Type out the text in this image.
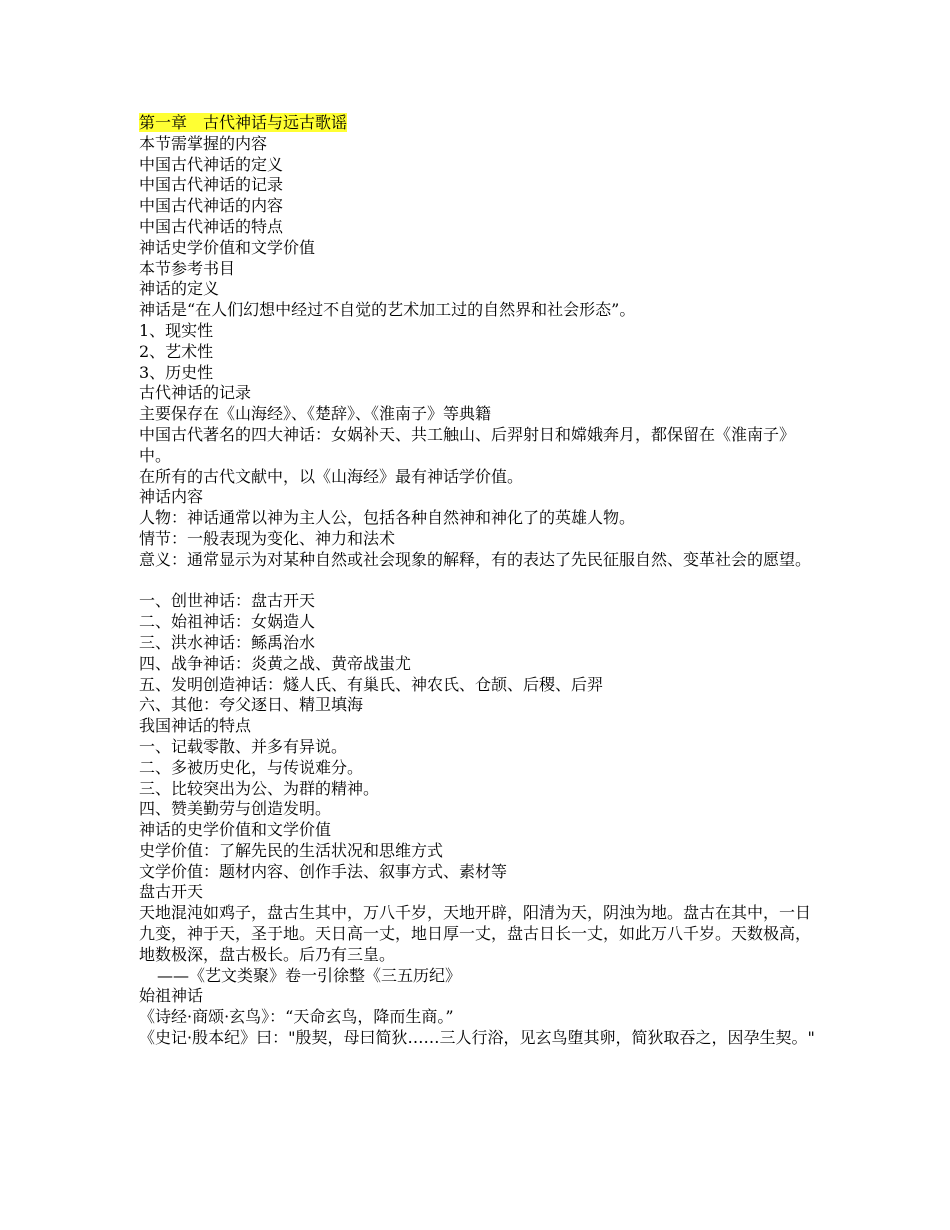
第一章　古代神话与远古歌谣

本节需掌握的内容

中国古代神话的定义

中国古代神话的记录

中国古代神话的内容

中国古代神话的特点

神话史学价值和文学价值

本节参考书目

神话的定义

神话是“在人们幻想中经过不自觉的艺术加工过的自然界和社会形态”。

1、现实性

2、艺术性

3、历史性

古代神话的记录

主要保存在《山海经》、《楚辞》、《淮南子》等典籍

中国古代著名的四大神话：女娲补天、共工触山、后羿射日和嫦娥奔月，都保留在《淮南子》中。

在所有的古代文献中，以《山海经》最有神话学价值。

神话内容

人物：神话通常以神为主人公，包括各种自然神和神化了的英雄人物。

情节：一般表现为变化、神力和法术

意义：通常显示为对某种自然或社会现象的解释，有的表达了先民征服自然、变革社会的愿望。

一、创世神话：盘古开天

二、始祖神话：女娲造人

三、洪水神话：鲧禹治水

四、战争神话：炎黄之战、黄帝战蚩尤

五、发明创造神话：燧人氏、有巢氏、神农氏、仓颉、后稷、后羿

六、其他：夸父逐日、精卫填海

我国神话的特点

一、记载零散、并多有异说。

二、多被历史化，与传说难分。

三、比较突出为公、为群的精神。

四、赞美勤劳与创造发明。

神话的史学价值和文学价值

史学价值：了解先民的生活状况和思维方式

文学价值：题材内容、创作手法、叙事方式、素材等

盘古开天

天地混沌如鸡子，盘古生其中，万八千岁，天地开辟，阳清为天，阴浊为地。盘古在其中，一日九变，神于天，圣于地。天日高一丈，地日厚一丈，盘古日长一丈，如此万八千岁。天数极高，地数极深，盘古极长。后乃有三皇。

——《艺文类聚》卷一引徐整《三五历纪》

始祖神话

《诗经·商颂·玄鸟》：“天命玄鸟，降而生商。”

《史记·殷本纪》曰："殷契，母曰简狄……三人行浴，见玄鸟堕其卵，简狄取吞之，因孕生契。"
